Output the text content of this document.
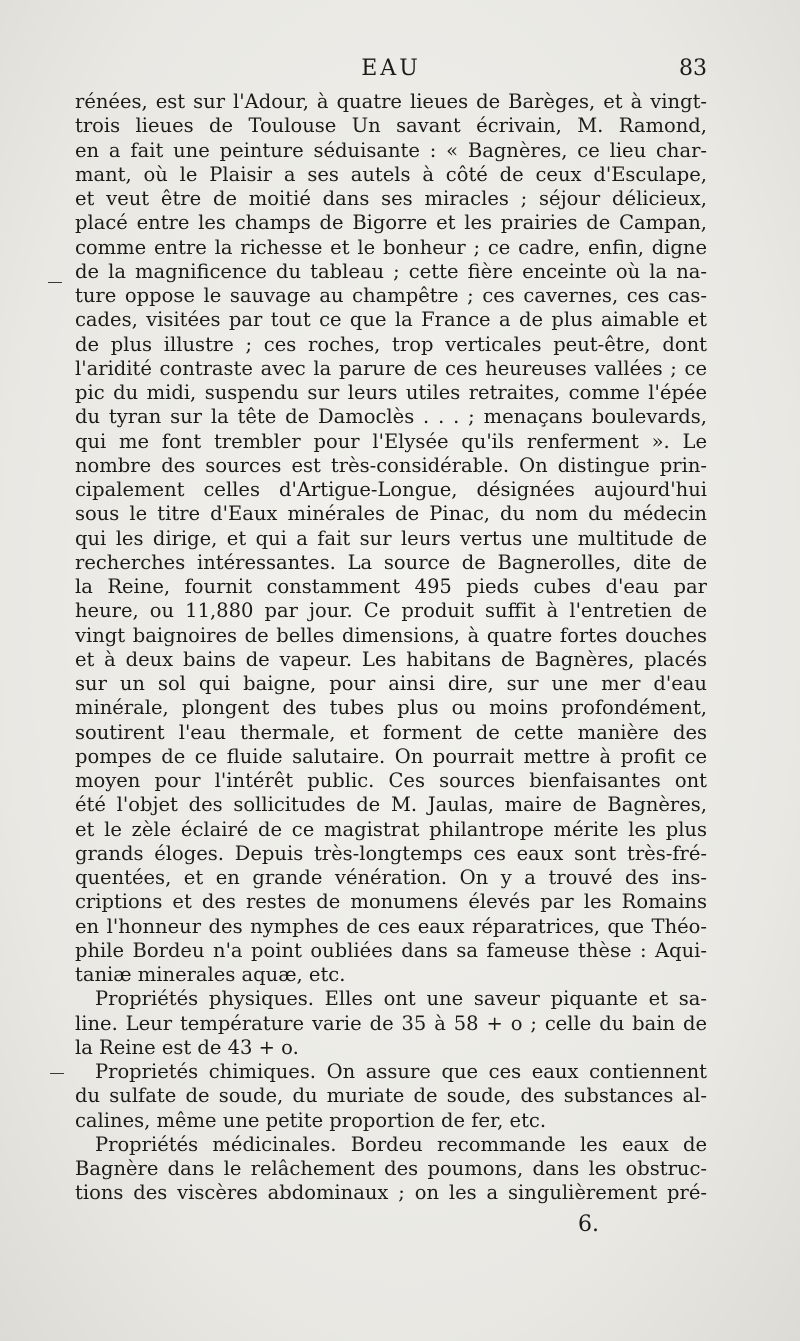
EAU	83
rénées, est sur l'Adour, à quatre lieues de Barèges, et à vingt-
trois lieues de Toulouse Un savant écrivain, M. Ramond,
en a fait une peinture séduisante : « Bagnères, ce lieu char-
mant, où le Plaisir a ses autels à côté de ceux d'Esculape,
et veut être de moitié dans ses miracles ; séjour délicieux,
placé entre les champs de Bigorre et les prairies de Campan,
comme entre la richesse et le bonheur ; ce cadre, enfin, digne
de la magnificence du tableau ; cette fière enceinte où la na-
ture oppose le sauvage au champêtre ; ces cavernes, ces cas-
cades, visitées par tout ce que la France a de plus aimable et
de plus illustre ; ces roches, trop verticales peut-être, dont
l'aridité contraste avec la parure de ces heureuses vallées ; ce
pic du midi, suspendu sur leurs utiles retraites, comme l'épée
du tyran sur la tête de Damoclès . . . ; menaçans boulevards,
qui me font trembler pour l'Elysée qu'ils renferment ». Le
nombre des sources est très-considérable. On distingue prin-
cipalement celles d'Artigue-Longue, désignées aujourd'hui
sous le titre d'Eaux minérales de Pinac, du nom du médecin
qui les dirige, et qui a fait sur leurs vertus une multitude de
recherches intéressantes. La source de Bagnerolles, dite de
la Reine, fournit constamment 495 pieds cubes d'eau par
heure, ou 11,880 par jour. Ce produit suffit à l'entretien de
vingt baignoires de belles dimensions, à quatre fortes douches
et à deux bains de vapeur. Les habitans de Bagnères, placés
sur un sol qui baigne, pour ainsi dire, sur une mer d'eau
minérale, plongent des tubes plus ou moins profondément,
soutirent l'eau thermale, et forment de cette manière des
pompes de ce fluide salutaire. On pourrait mettre à profit ce
moyen pour l'intérêt public. Ces sources bienfaisantes ont
été l'objet des sollicitudes de M. Jaulas, maire de Bagnères,
et le zèle éclairé de ce magistrat philantrope mérite les plus
grands éloges. Depuis très-longtemps ces eaux sont très-fré-
quentées, et en grande vénération. On y a trouvé des ins-
criptions et des restes de monumens élevés par les Romains
en l'honneur des nymphes de ces eaux réparatrices, que Théo-
phile Bordeu n'a point oubliées dans sa fameuse thèse : Aqui-
taniæ minerales aquæ, etc.
Propriétés physiques. Elles ont une saveur piquante et sa-
line. Leur température varie de 35 à 58 + o ; celle du bain de
la Reine est de 43 + o.
Proprietés chimiques. On assure que ces eaux contiennent
du sulfate de soude, du muriate de soude, des substances al-
calines, même une petite proportion de fer, etc.
Propriétés médicinales. Bordeu recommande les eaux de
Bagnère dans le relâchement des poumons, dans les obstruc-
tions des viscères abdominaux ; on les a singulièrement pré-
6.
